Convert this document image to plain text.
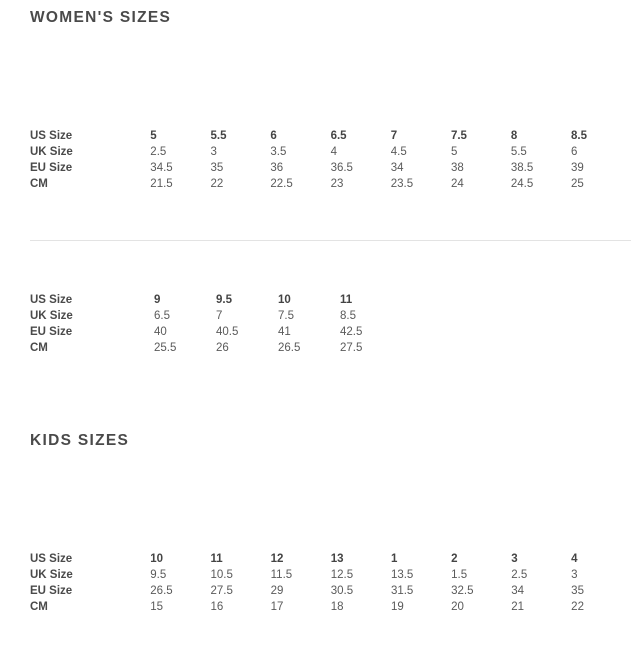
WOMEN'S SIZES
US Size	5	5.5	6	6.5	7	7.5	8	8.5
UK Size	2.5	3	3.5	4	4.5	5	5.5	6
EU Size	34.5	35	36	36.5	34	38	38.5	39
CM	21.5	22	22.5	23	23.5	24	24.5	25
US Size	9	9.5	10	11
UK Size	6.5	7	7.5	8.5
EU Size	40	40.5	41	42.5
CM	25.5	26	26.5	27.5
KIDS SIZES
US Size	10	11	12	13	1	2	3	4
UK Size	9.5	10.5	11.5	12.5	13.5	1.5	2.5	3
EU Size	26.5	27.5	29	30.5	31.5	32.5	34	35
CM	15	16	17	18	19	20	21	22
